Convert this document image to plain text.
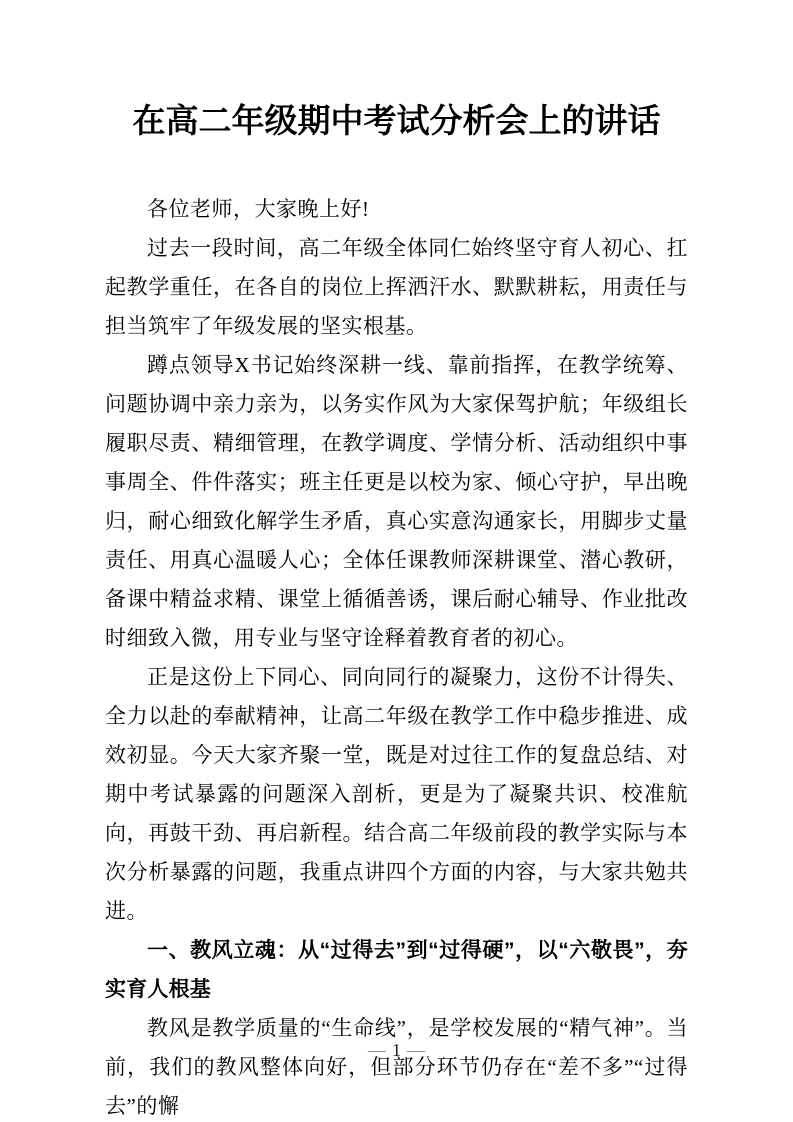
在高二年级期中考试分析会上的讲话

各位老师，大家晚上好!

过去一段时间，高二年级全体同仁始终坚守育人初心、扛起教学重任，在各自的岗位上挥洒汗水、默默耕耘，用责任与担当筑牢了年级发展的坚实根基。

蹲点领导X书记始终深耕一线、靠前指挥，在教学统筹、问题协调中亲力亲为，以务实作风为大家保驾护航；年级组长履职尽责、精细管理，在教学调度、学情分析、活动组织中事事周全、件件落实；班主任更是以校为家、倾心守护，早出晚归，耐心细致化解学生矛盾，真心实意沟通家长，用脚步丈量责任、用真心温暖人心；全体任课教师深耕课堂、潜心教研，备课中精益求精、课堂上循循善诱，课后耐心辅导、作业批改时细致入微，用专业与坚守诠释着教育者的初心。

正是这份上下同心、同向同行的凝聚力，这份不计得失、全力以赴的奉献精神，让高二年级在教学工作中稳步推进、成效初显。今天大家齐聚一堂，既是对过往工作的复盘总结、对期中考试暴露的问题深入剖析，更是为了凝聚共识、校准航向，再鼓干劲、再启新程。结合高二年级前段的教学实际与本次分析暴露的问题，我重点讲四个方面的内容，与大家共勉共进。

一、教风立魂：从“过得去”到“过得硬”，以“六敬畏”，夯实育人根基

教风是教学质量的“生命线”，是学校发展的“精气神”。当前，我们的教风整体向好，但部分环节仍存在“差不多”“过得去”的懈

— 1 —
